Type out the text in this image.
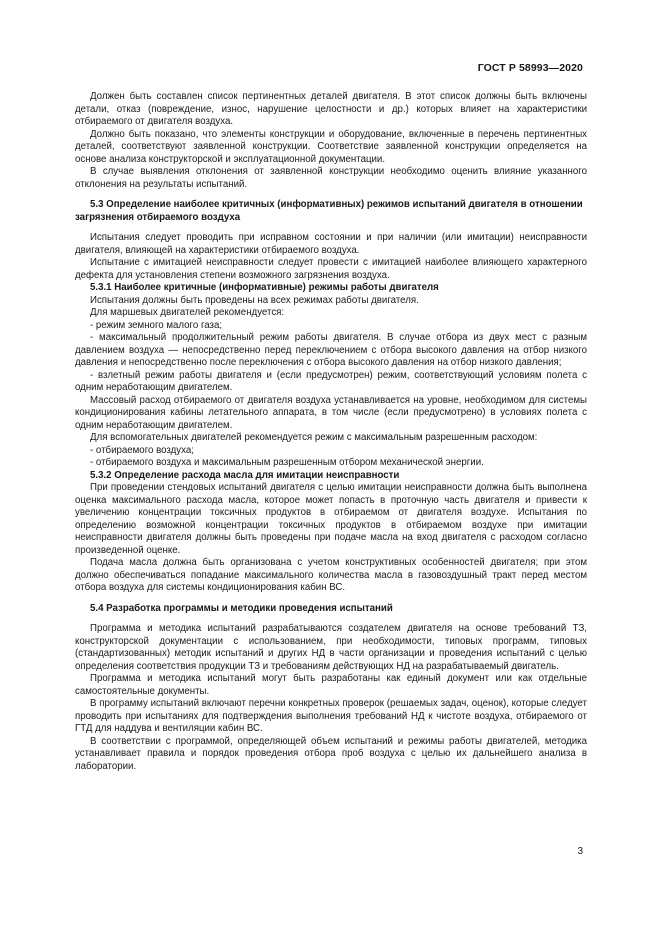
ГОСТ Р 58993—2020

Должен быть составлен список пертинентных деталей двигателя. В этот список должны быть включены детали, отказ (повреждение, износ, нарушение целостности и др.) которых влияет на характеристики отбираемого от двигателя воздуха.

Должно быть показано, что элементы конструкции и оборудование, включенные в перечень пертинентных деталей, соответствуют заявленной конструкции. Соответствие заявленной конструкции определяется на основе анализа конструкторской и эксплуатационной документации.

В случае выявления отклонения от заявленной конструкции необходимо оценить влияние указанного отклонения на результаты испытаний.

5.3 Определение наиболее критичных (информативных) режимов испытаний двигателя в отношении загрязнения отбираемого воздуха

Испытания следует проводить при исправном состоянии и при наличии (или имитации) неисправности двигателя, влияющей на характеристики отбираемого воздуха.

Испытание с имитацией неисправности следует провести с имитацией наиболее влияющего характерного дефекта для установления степени возможного загрязнения воздуха.

5.3.1 Наиболее критичные (информативные) режимы работы двигателя

Испытания должны быть проведены на всех режимах работы двигателя.

Для маршевых двигателей рекомендуется:

- режим земного малого газа;

- максимальный продолжительный режим работы двигателя. В случае отбора из двух мест с разным давлением воздуха — непосредственно перед переключением с отбора высокого давления на отбор низкого давления и непосредственно после переключения с отбора высокого давления на отбор низкого давления;

- взлетный режим работы двигателя и (если предусмотрен) режим, соответствующий условиям полета с одним неработающим двигателем.

Массовый расход отбираемого от двигателя воздуха устанавливается на уровне, необходимом для системы кондиционирования кабины летательного аппарата, в том числе (если предусмотрено) в условиях полета с одним неработающим двигателем.

Для вспомогательных двигателей рекомендуется режим с максимальным разрешенным расходом:

- отбираемого воздуха;

- отбираемого воздуха и максимальным разрешенным отбором механической энергии.

5.3.2 Определение расхода масла для имитации неисправности

При проведении стендовых испытаний двигателя с целью имитации неисправности должна быть выполнена оценка максимального расхода масла, которое может попасть в проточную часть двигателя и привести к увеличению концентрации токсичных продуктов в отбираемом от двигателя воздухе. Испытания по определению возможной концентрации токсичных продуктов в отбираемом воздухе при имитации неисправности двигателя должны быть проведены при подаче масла на вход двигателя с расходом согласно произведенной оценке.

Подача масла должна быть организована с учетом конструктивных особенностей двигателя; при этом должно обеспечиваться попадание максимального количества масла в газовоздушный тракт перед местом отбора воздуха для системы кондиционирования кабин ВС.

5.4 Разработка программы и методики проведения испытаний

Программа и методика испытаний разрабатываются создателем двигателя на основе требований ТЗ, конструкторской документации с использованием, при необходимости, типовых программ, типовых (стандартизованных) методик испытаний и других НД в части организации и проведения испытаний с целью определения соответствия продукции ТЗ и требованиям действующих НД на разрабатываемый двигатель.

Программа и методика испытаний могут быть разработаны как единый документ или как отдельные самостоятельные документы.

В программу испытаний включают перечни конкретных проверок (решаемых задач, оценок), которые следует проводить при испытаниях для подтверждения выполнения требований НД к чистоте воздуха, отбираемого от ГТД для наддува и вентиляции кабин ВС.

В соответствии с программой, определяющей объем испытаний и режимы работы двигателей, методика устанавливает правила и порядок проведения отбора проб воздуха с целью их дальнейшего анализа в лаборатории.

3
